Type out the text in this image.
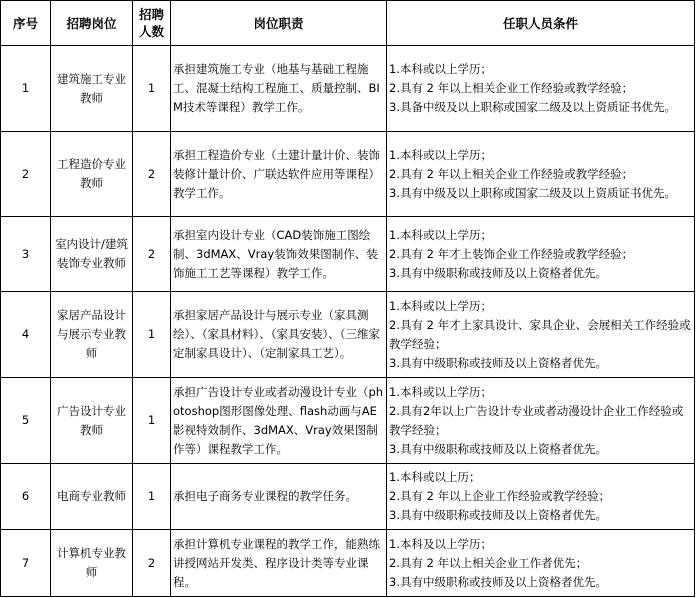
序号	招聘岗位	招聘人数	岗位职责	任职人员条件
1	建筑施工专业教师	1	承担建筑施工专业（地基与基础工程施工、混凝土结构工程施工、质量控制、BIM技术等课程）教学工作。	1.本科或以上学历；
2.具有 2 年以上相关企业工作经验或教学经验；
3.具备中级及以上职称或国家二级及以上资质证书优先。

2	工程造价专业教师	2	承担工程造价专业（土建计量计价、装饰装修计量计价、广联达软件应用等课程）教学工作。	1.本科或以上学历；
2.具有 2 年以上相关企业工作经验或教学经验；
3.具有中级及以上职称或国家二级及以上资质证书优先。

3	室内设计/建筑装饰专业教师	2	承担室内设计专业（CAD装饰施工图绘制、3dMAX、Vray装饰效果图制作、装饰施工工艺等课程）教学工作。	1.本科或以上学历；
2.具有 2 年才上装饰企业工作经验或教学经验；
3.具有中级职称或技师及以上资格者优先。

4	家居产品设计与展示专业教师	1	承担家居产品设计与展示专业（家具测绘）、（家具材料）、（家具安装）、（三维家定制家具设计）、（定制家具工艺）。	1.本科或以上学历；
2.具有 2 年才上家具设计、家具企业、会展相关工作经验或教学经验；
3.具有中级职称或技师及以上资格者优先。

5	广告设计专业教师	1	承担广告设计专业或者动漫设计专业（photoshop图形图像处理、flash动画与AE影视特效制作、3dMAX、Vray效果图制作等）课程教学工作。	1.本科或以上学历；
2.具有2年以上广告设计专业或者动漫设计企业工作经验或教学经验；
3.具有中级职称或技师及以上资格者优先。

6	电商专业教师	1	承担电子商务专业课程的教学任务。	1.本科或以上历；
2.具有 2 年以上企业工作经验或教学经验；
3.具有中级职称或技师及以上资格者优先。

7	计算机专业教师	2	承担计算机专业课程的教学工作，能熟练讲授网站开发类、程序设计类等专业课程。	1.本科及以上学历；
2.具有 2 年以上相关企业工作者优先；
3.具有中级职称或技师及以上资格者优先。
